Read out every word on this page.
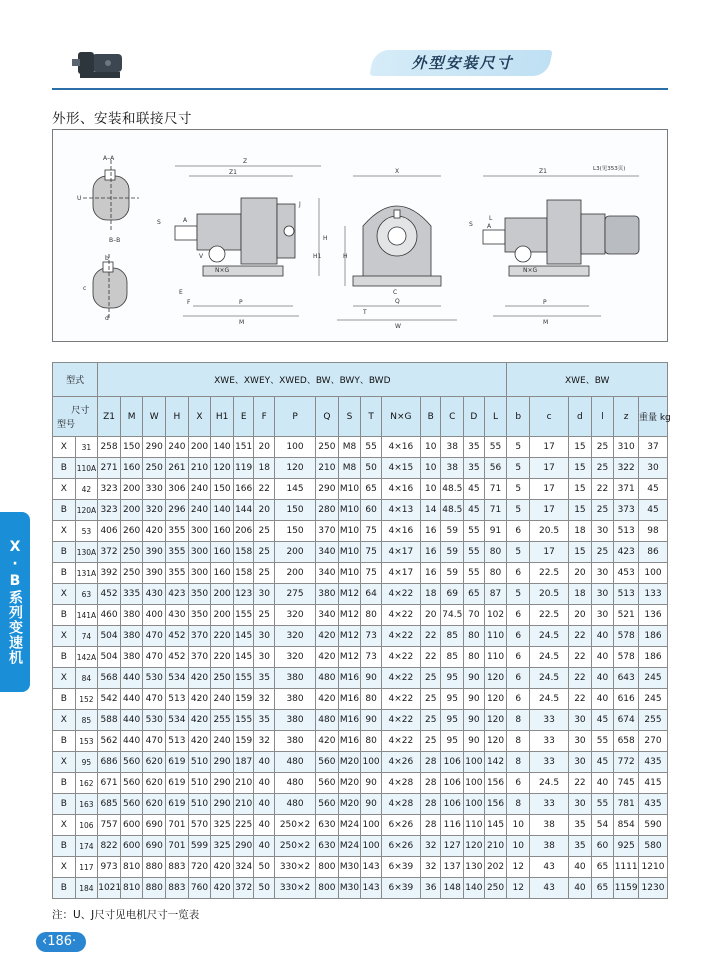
外型安装尺寸
外形、安装和联接尺寸
A–A
U
B–B
b
d
c
Z
Z1
S	A
V
J
H
H1
N×G
E
F	P
M
X
H
C
Q
T
W
Z1	L3(见353页)
S
L
A
N×G
P
M
X·B系列变速机
型式		XWE、XWEY、XWED、BW、BWY、BWD																	XWE、BW					

尺寸
型号		Z1	M	W	H	X	H1	E	F	P	Q	S	T	N×G	B	C	D	L	b	c	d	l	z	重量 kg
X	31	258	150	290	240	200	140	151	20	100	250	M8	55	4×16	10	38	35	55	5	17	15	25	310	37
B	110A	271	160	250	261	210	120	119	18	120	210	M8	50	4×15	10	38	35	56	5	17	15	25	322	30
X	42	323	200	330	306	240	150	166	22	145	290	M10	65	4×16	10	48.5	45	71	5	17	15	22	371	45
B	120A	323	200	320	296	240	140	144	20	150	280	M10	60	4×13	14	48.5	45	71	5	17	15	25	373	45
X	53	406	260	420	355	300	160	206	25	150	370	M10	75	4×16	16	59	55	91	6	20.5	18	30	513	98
B	130A	372	250	390	355	300	160	158	25	200	340	M10	75	4×17	16	59	55	80	5	17	15	25	423	86
B	131A	392	250	390	355	300	160	158	25	200	340	M10	75	4×17	16	59	55	80	6	22.5	20	30	453	100
X	63	452	335	430	423	350	200	123	30	275	380	M12	64	4×22	18	69	65	87	5	20.5	18	30	513	133
B	141A	460	380	400	430	350	200	155	25	320	340	M12	80	4×22	20	74.5	70	102	6	22.5	20	30	521	136
X	74	504	380	470	452	370	220	145	30	320	420	M12	73	4×22	22	85	80	110	6	24.5	22	40	578	186
B	142A	504	380	470	452	370	220	145	30	320	420	M12	73	4×22	22	85	80	110	6	24.5	22	40	578	186
X	84	568	440	530	534	420	250	155	35	380	480	M16	90	4×22	25	95	90	120	6	24.5	22	40	643	245
B	152	542	440	470	513	420	240	159	32	380	420	M16	80	4×22	25	95	90	120	6	24.5	22	40	616	245
X	85	588	440	530	534	420	255	155	35	380	480	M16	90	4×22	25	95	90	120	8	33	30	45	674	255
B	153	562	440	470	513	420	240	159	32	380	420	M16	80	4×22	25	95	90	120	8	33	30	55	658	270
X	95	686	560	620	619	510	290	187	40	480	560	M20	100	4×26	28	106	100	142	8	33	30	45	772	435
B	162	671	560	620	619	510	290	210	40	480	560	M20	90	4×28	28	106	100	156	6	24.5	22	40	745	415
B	163	685	560	620	619	510	290	210	40	480	560	M20	90	4×28	28	106	100	156	8	33	30	55	781	435
X	106	757	600	690	701	570	325	225	40	250×2	630	M24	100	6×26	28	116	110	145	10	38	35	54	854	590
B	174	822	600	690	701	599	325	290	40	250×2	630	M24	100	6×26	32	127	120	210	10	38	35	60	925	580
X	117	973	810	880	883	720	420	324	50	330×2	800	M30	143	6×39	32	137	130	202	12	43	40	65	1111	1210
B	184	1021	810	880	883	760	420	372	50	330×2	800	M30	143	6×39	36	148	140	250	12	43	40	65	1159	1230
注：U、J尺寸见电机尺寸一览表
‹186·
